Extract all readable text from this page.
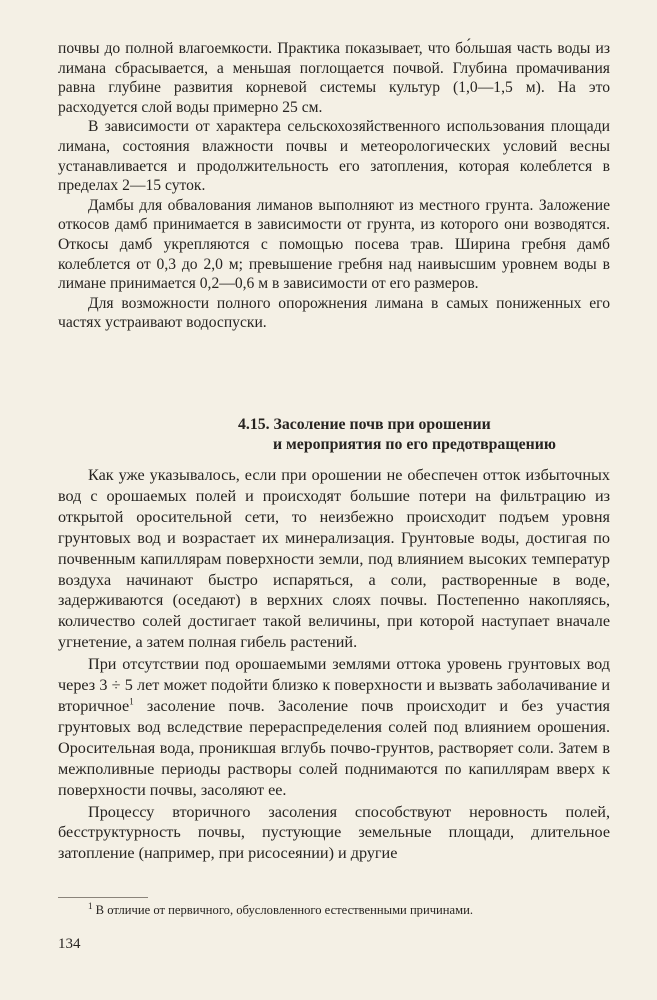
почвы до полной влагоемкости. Практика показывает, что бо́льшая часть воды из лимана сбрасывается, а меньшая поглощается почвой. Глубина промачивания равна глубине развития корневой системы культур (1,0—1,5 м). На это расходуется слой воды примерно 25 см.

В зависимости от характера сельскохозяйственного использования площади лимана, состояния влажности почвы и метеорологических условий весны устанавливается и продолжительность его затопления, которая колеблется в пределах 2—15 суток.

Дамбы для обвалования лиманов выполняют из местного грунта. Заложение откосов дамб принимается в зависимости от грунта, из которого они возводятся. Откосы дамб укрепляются с помощью посева трав. Ширина гребня дамб колеблется от 0,3 до 2,0 м; превышение гребня над наивысшим уровнем воды в лимане принимается 0,2—0,6 м в зависимости от его размеров.

Для возможности полного опорожнения лимана в самых пониженных его частях устраивают водоспуски.

4.15. Засоление почв при орошении
и мероприятия по его предотвращению

Как уже указывалось, если при орошении не обеспечен отток избыточных вод с орошаемых полей и происходят большие потери на фильтрацию из открытой оросительной сети, то неизбежно происходит подъем уровня грунтовых вод и возрастает их минерализация. Грунтовые воды, достигая по почвенным капиллярам поверхности земли, под влиянием высоких температур воздуха начинают быстро испаряться, а соли, растворенные в воде, задерживаются (оседают) в верхних слоях почвы. Постепенно накопляясь, количество солей достигает такой величины, при которой наступает вначале угнетение, а затем полная гибель растений.

При отсутствии под орошаемыми землями оттока уровень грунтовых вод через 3 ÷ 5 лет может подойти близко к поверхности и вызвать заболачивание и вторичное$^1$ засоление почв. Засоление почв происходит и без участия грунтовых вод вследствие перераспределения солей под влиянием орошения. Оросительная вода, проникшая вглубь почво-грунтов, растворяет соли. Затем в межполивные периоды растворы солей поднимаются по капиллярам вверх к поверхности почвы, засоляют ее.

Процессу вторичного засоления способствуют неровность полей, бесструктурность почвы, пустующие земельные площади, длительное затопление (например, при рисосеянии) и другие

$^1$ В отличие от первичного, обусловленного естественными причинами.
134
